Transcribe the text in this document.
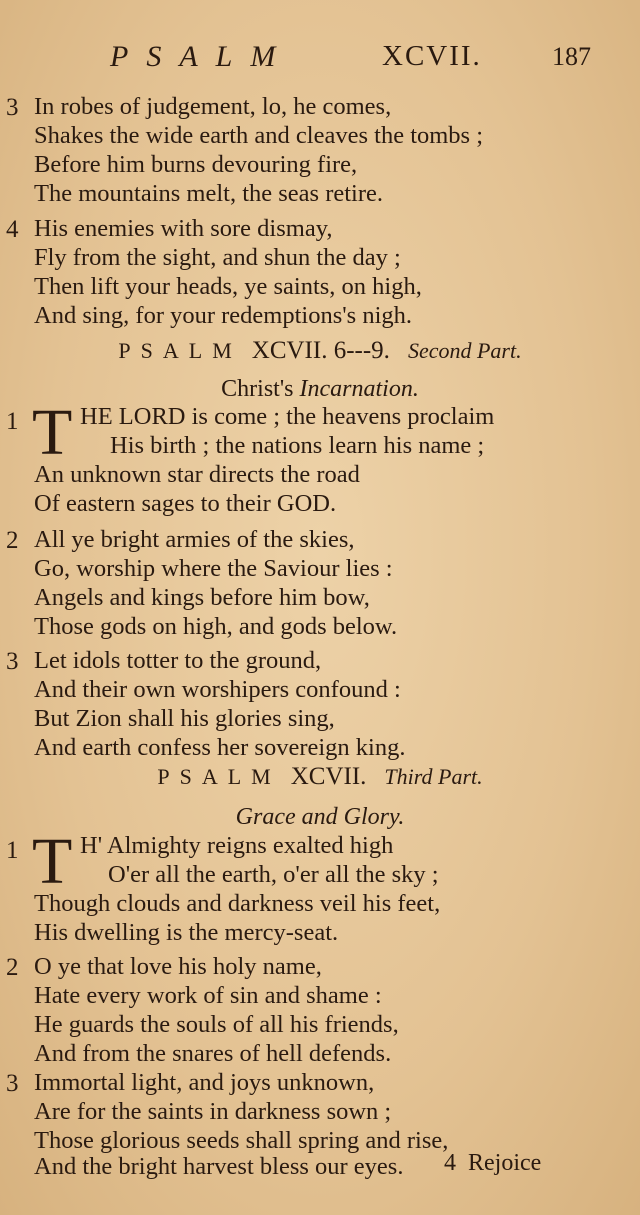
PSALM	XCVII.	187
3 In robes of judgement, lo, he comes,
Shakes the wide earth and cleaves the tombs ;
Before him burns devouring fire,
The mountains melt, the seas retire.
4 His enemies with sore dismay,
Fly from the sight, and shun the day ;
Then lift your heads, ye saints, on high,
And sing, for your redemptions's nigh.
PSALM XCVII. 6---9. Second Part.
Christ's Incarnation.
1 T HE LORD is come ; the heavens proclaim
His birth ; the nations learn his name ;
An unknown star directs the road
Of eastern sages to their GOD.
2 All ye bright armies of the skies,
Go, worship where the Saviour lies :
Angels and kings before him bow,
Those gods on high, and gods below.
3 Let idols totter to the ground,
And their own worshipers confound :
But Zion shall his glories sing,
And earth confess her sovereign king.
PSALM XCVII. Third Part.
Grace and Glory.
1 T H' Almighty reigns exalted high
O'er all the earth, o'er all the sky ;
Though clouds and darkness veil his feet,
His dwelling is the mercy-seat.
2 O ye that love his holy name,
Hate every work of sin and shame :
He guards the souls of all his friends,
And from the snares of hell defends.
3 Immortal light, and joys unknown,
Are for the saints in darkness sown ;
Those glorious seeds shall spring and rise,
And the bright harvest bless our eyes. 4 Rejoice
